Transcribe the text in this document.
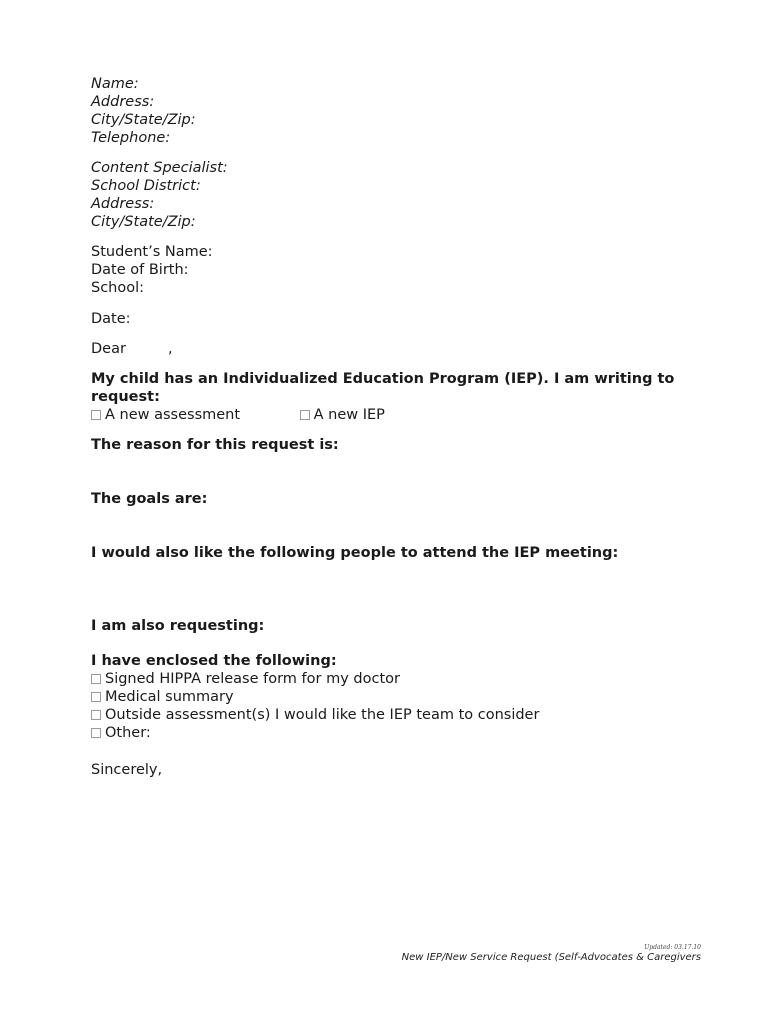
Name:
Address:
City/State/Zip:
Telephone:
Content Specialist:
School District:
Address:
City/State/Zip:
Student’s Name:
Date of Birth:
School:
Date:
Dear	,
My child has an Individualized Education Program (IEP). I am writing to request:
A new assessment	A new IEP
The reason for this request is:
The goals are:
I would also like the following people to attend the IEP meeting:
I am also requesting:
I have enclosed the following:
Signed HIPPA release form for my doctor
Medical summary
Outside assessment(s) I would like the IEP team to consider
Other:
Sincerely,
Updated: 03.17.10
New IEP/New Service Request (Self-Advocates & Caregivers
